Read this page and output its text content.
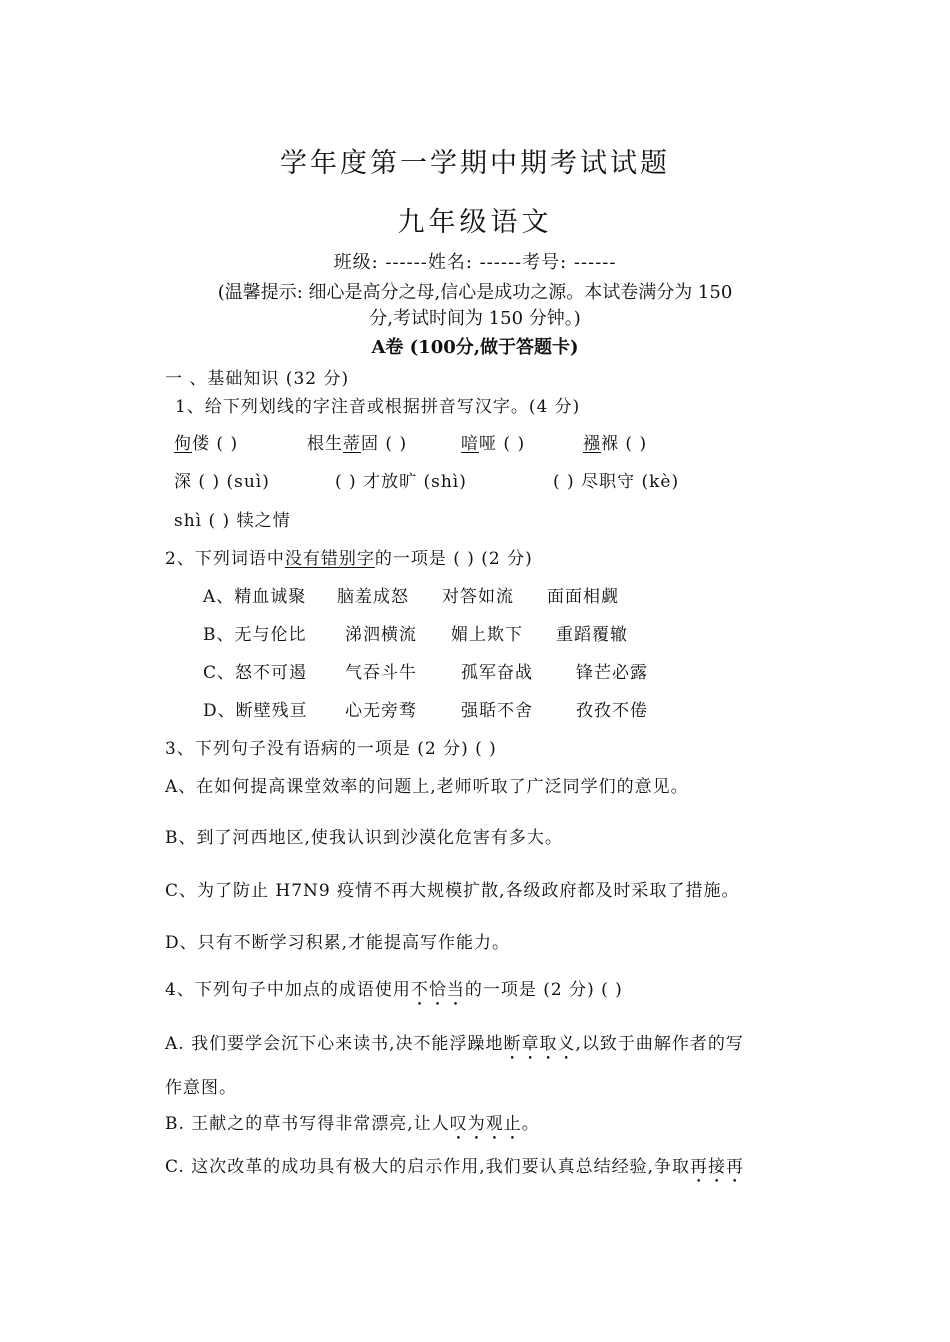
学年度第一学期中期考试试题
九年级语文
班级: ------姓名: ------考号: ------
(温馨提示: 细心是高分之母,信心是成功之源。本试卷满分为 150
分,考试时间为 150 分钟。)
A卷 (100分,做于答题卡)
一 、基础知识 (32 分)
1、给下列划线的字注音或根据拼音写汉字。(4 分)
佝偻 ( )	根生蒂固 ( )	喑哑 ( )	襁褓 ( )
深 ( ) (suì)	( ) 才放旷 (shì)	( ) 尽职守 (kè)
shì ( ) 犊之情
2、下列词语中没有错别字的一项是 ( ) (2 分)
A、精血诚聚 脑羞成怒 对答如流 面面相觑
B、无与伦比 涕泗横流 媚上欺下 重蹈覆辙
C、怒不可遏 气吞斗牛	孤军奋战	锋芒必露
D、断壁残亘 心无旁骛	强聒不舍	孜孜不倦
3、下列句子没有语病的一项是 (2 分) ( )
A、在如何提高课堂效率的问题上,老师听取了广泛同学们的意见。
B、到了河西地区,使我认识到沙漠化危害有多大。
C、为了防止 H7N9 疫情不再大规模扩散,各级政府都及时采取了措施。
D、只有不断学习积累,才能提高写作能力。
4、下列句子中加点的成语使用不恰当的一项是 (2 分) ( )
A. 我们要学会沉下心来读书,决不能浮躁地断章取义,以致于曲解作者的写
作意图。
B. 王献之的草书写得非常漂亮,让人叹为观止。
C. 这次改革的成功具有极大的启示作用,我们要认真总结经验,争取再接再
